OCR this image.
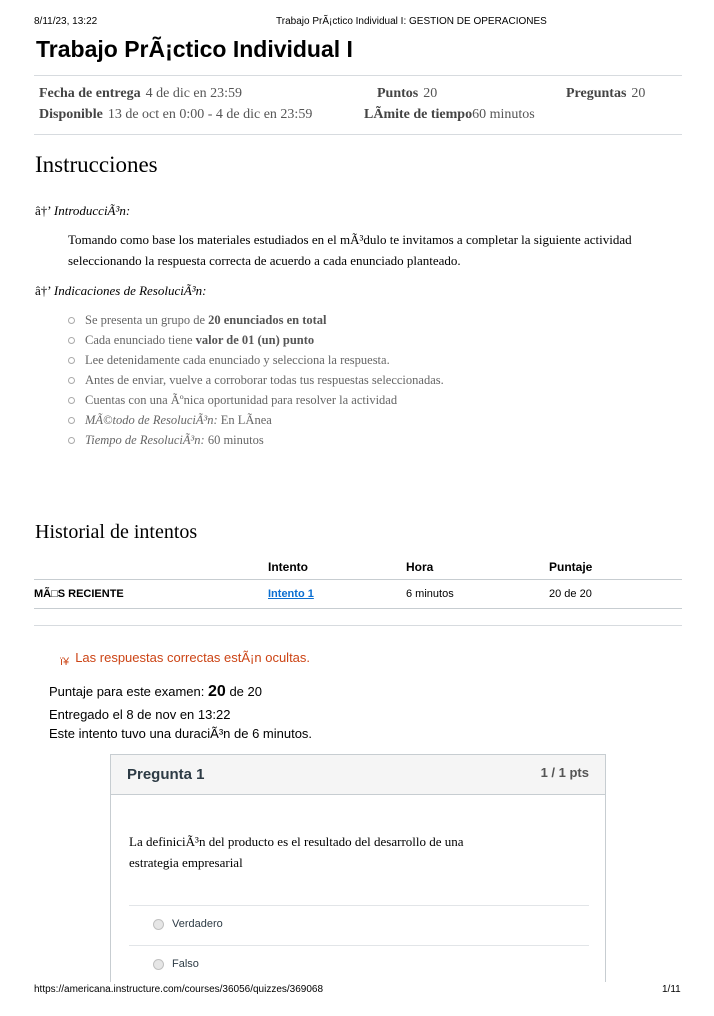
8/11/23, 13:22	Trabajo PrÃ¡ctico Individual I: GESTION DE OPERACIONES
Trabajo PrÃ¡ctico Individual I
Fecha de entrega 4 de dic en 23:59	Puntos 20	Preguntas 20
Disponible 13 de oct en 0:00 - 4 de dic en 23:59	LÃmite de tiempo60 minutos
Instrucciones
â†’ IntroducciÃ³n:
Tomando como base los materiales estudiados en el mÃ³dulo te invitamos a completar la siguiente actividad seleccionando la respuesta correcta de acuerdo a cada enunciado planteado.
â†’ Indicaciones de ResoluciÃ³n:
Se presenta un grupo de 20 enunciados en total
Cada enunciado tiene valor de 01 (un) punto
Lee detenidamente cada enunciado y selecciona la respuesta.
Antes de enviar, vuelve a corroborar todas tus respuestas seleccionadas.
Cuentas con una Ãºnica oportunidad para resolver la actividad
MÃ©todo de ResoluciÃ³n:
En LÃnea
Tiempo de ResoluciÃ³n:
60 minutos
Historial de intentos
	Intento	Hora	Puntaje
MÃ□S RECIENTE	Intento 1	6 minutos	20 de 20
$_{ï¥}$ Las respuestas correctas estÃ¡n ocultas.
Puntaje para este examen: 20 de 20
Entregado el 8 de nov en 13:22
Este intento tuvo una duraciÃ³n de 6 minutos.
Pregunta 1	1 / 1 pts
La definiciÃ³n del producto es el resultado del desarrollo de una estrategia empresarial
Verdadero
Falso
https://americana.instructure.com/courses/36056/quizzes/369068	1/11
